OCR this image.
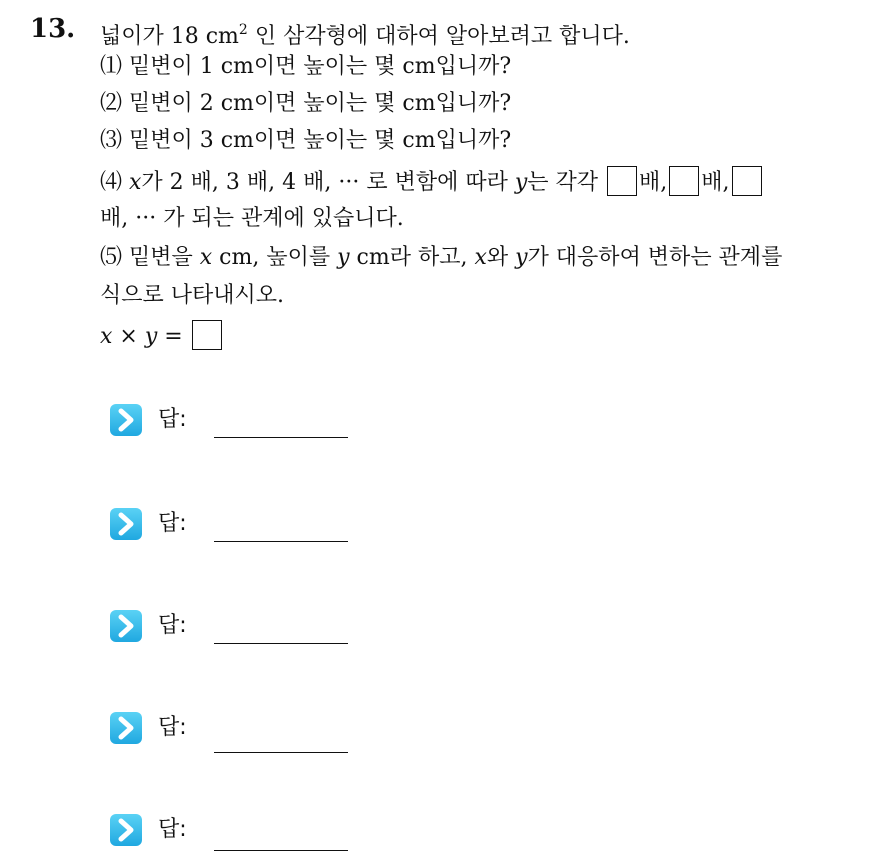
13. 넓이가 18 $cm^2$ 인 삼각형에 대하여 알아보려고 합니다.
⑴ 밑변이 1 cm이면 높이는 몇 cm입니까?
⑵ 밑변이 2 cm이면 높이는 몇 cm입니까?
⑶ 밑변이 3 cm이면 높이는 몇 cm입니까?
⑷ x가 2 배, 3 배, 4 배, ··· 로 변함에 따라 y는 각각 배, 배,
배, ··· 가 되는 관계에 있습니다.
⑸ 밑변을 x cm, 높이를 y cm라 하고, x와 y가 대응하여 변하는 관계를
식으로 나타내시오.
x × y =
답:
답:
답:
답:
답:
